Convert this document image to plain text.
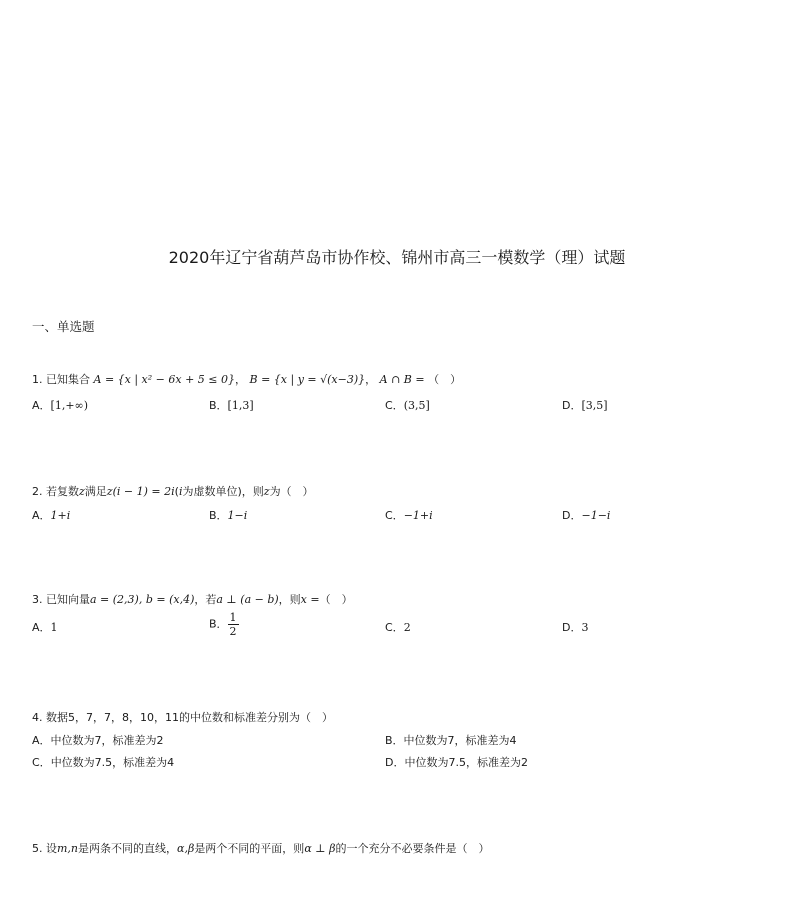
2020年辽宁省葫芦岛市协作校、锦州市高三一模数学（理）试题
一、单选题
1. 已知集合 A = {x | x² − 6x + 5 ≤ 0}， B = {x | y = √(x−3)}， A ∩ B = （　）
A．[1,+∞)	B．[1,3]	C．(3,5]	D．[3,5]
2. 若复数z满足z(i − 1) = 2i(i为虚数单位)，则z为（　）
A．1+i	B．1−i	C．−1+i	D．−1−i
3. 已知向量a = (2,3), b = (x,4)，若a ⊥ (a − b)，则x =（　）
A．1	B． $\frac{1}{2}$	C．2	D．3
4. 数据5，7，7，8，10，11的中位数和标准差分别为（　）
A．中位数为7，标准差为2	B．中位数为7，标准差为4
C．中位数为7.5，标准差为4	D．中位数为7.5，标准差为2
5. 设m,n是两条不同的直线，α,β是两个不同的平面，则α ⊥ β的一个充分不必要条件是（　）
